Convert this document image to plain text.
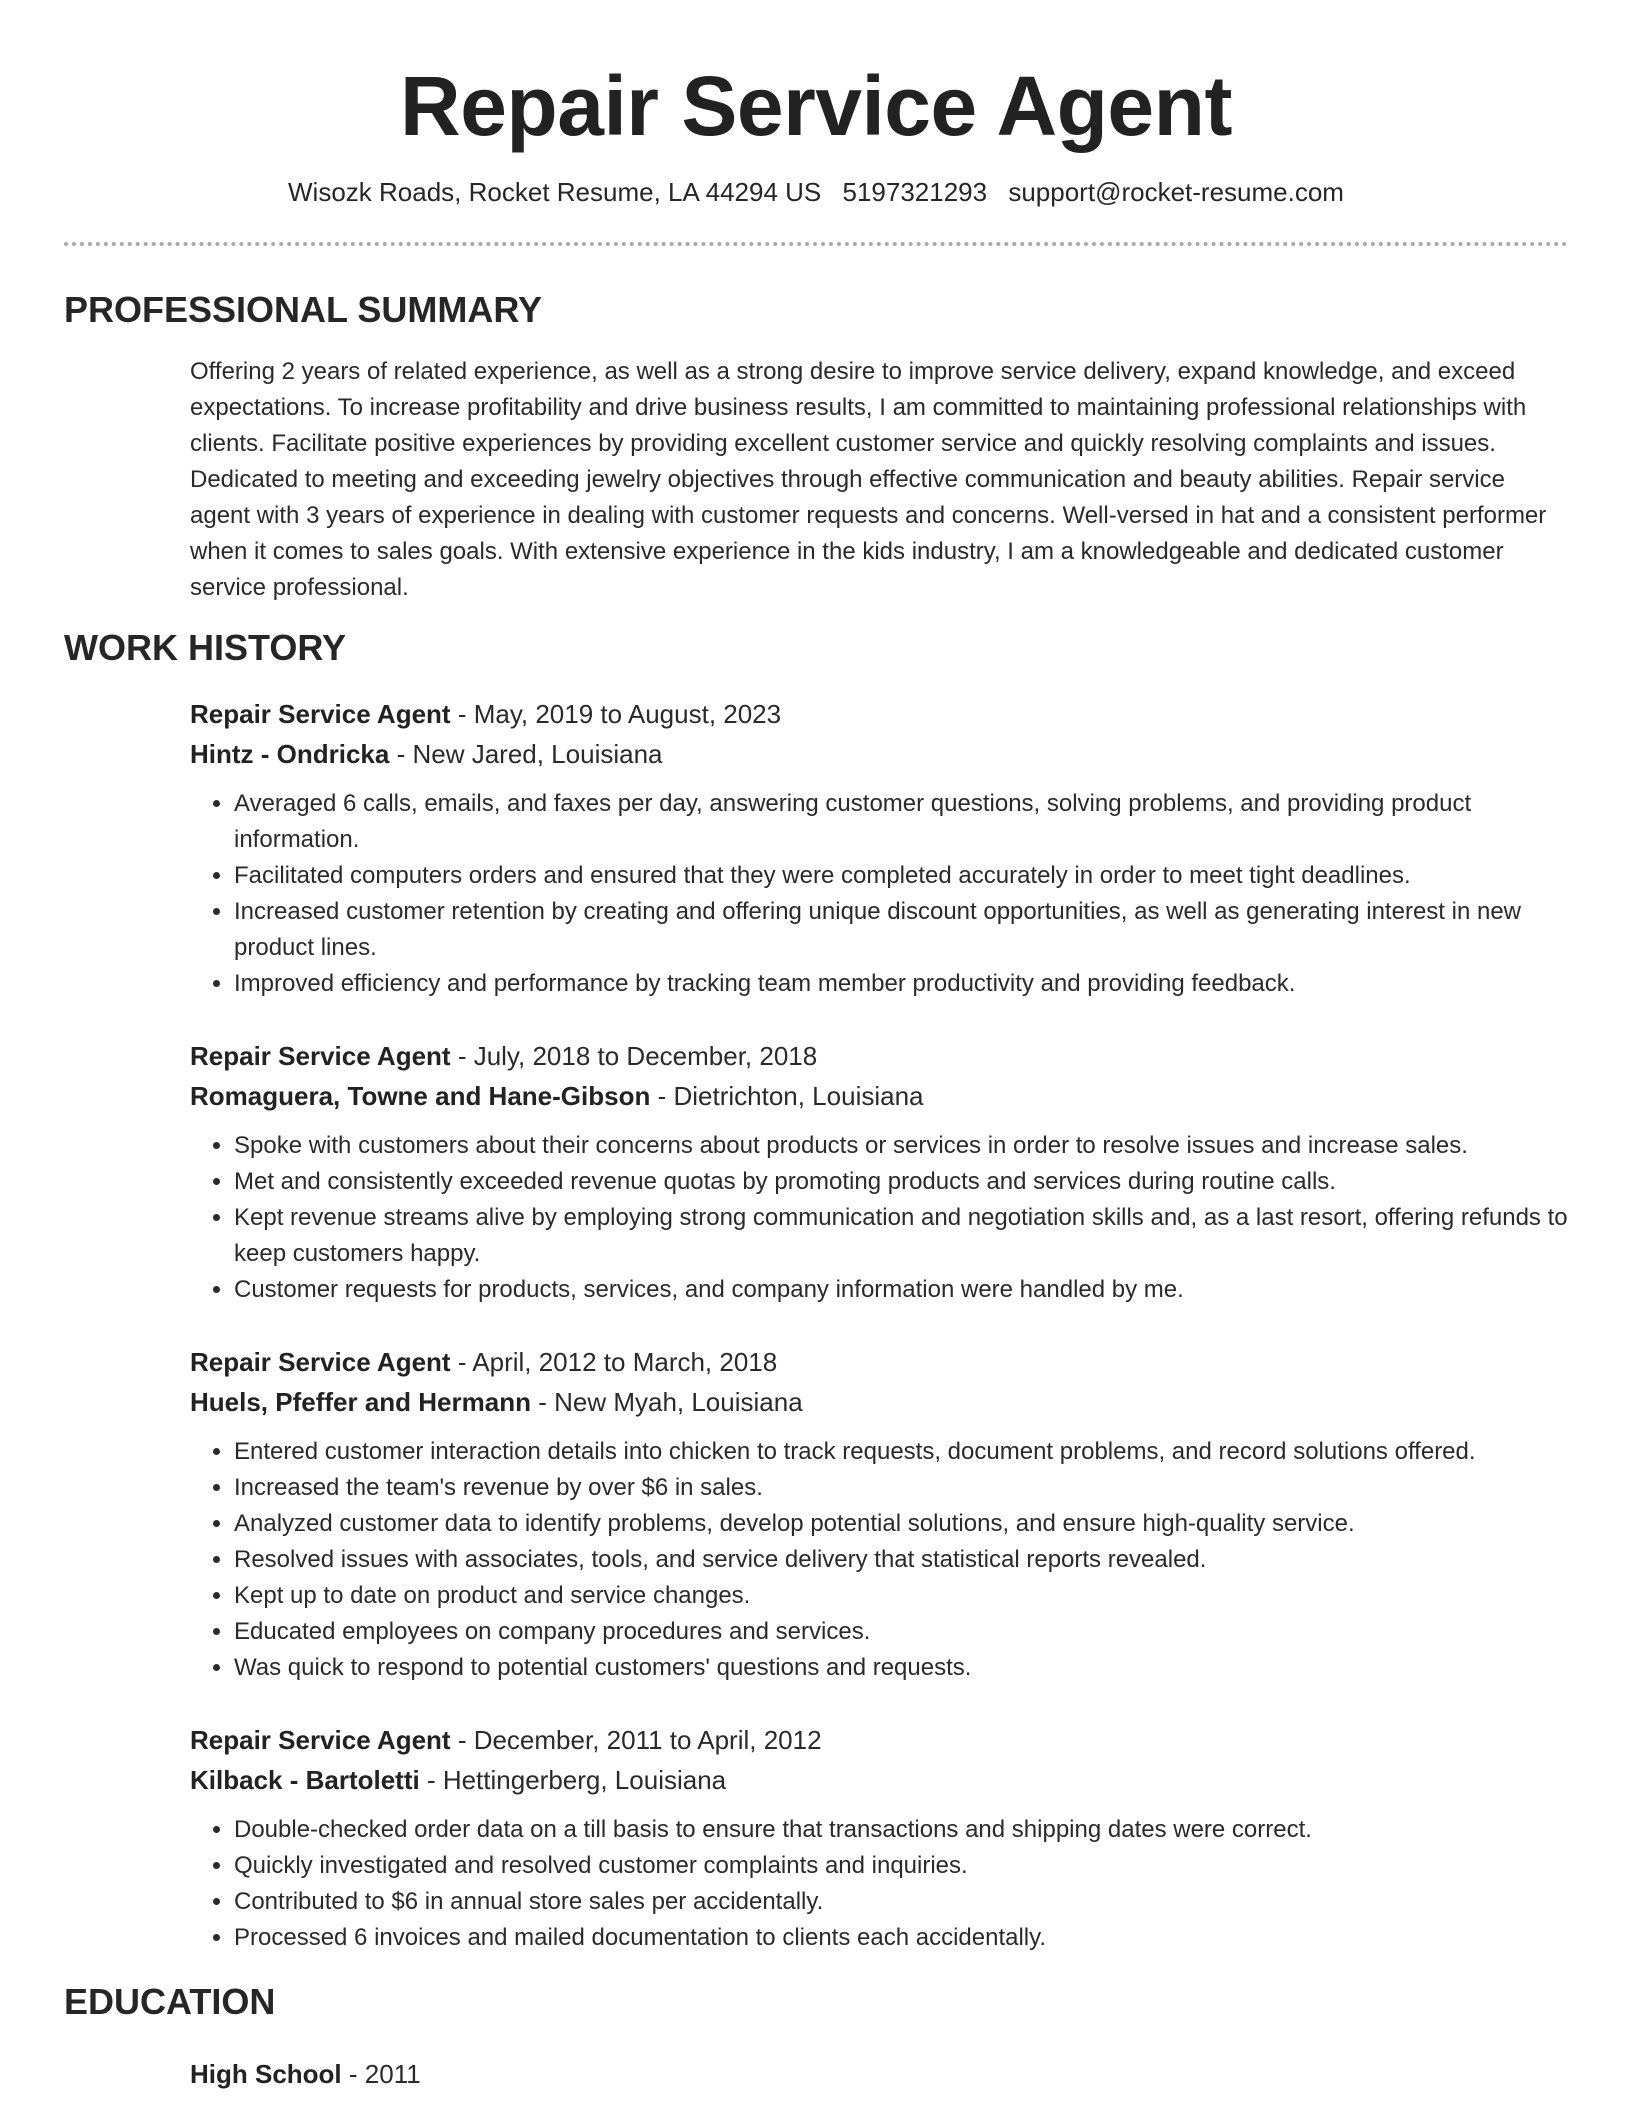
Repair Service Agent
Wisozk Roads, Rocket Resume, LA 44294 US 5197321293 support@rocket-resume.com
PROFESSIONAL SUMMARY

Offering 2 years of related experience, as well as a strong desire to improve service delivery, expand knowledge, and exceed expectations. To increase profitability and drive business results, I am committed to maintaining professional relationships with clients. Facilitate positive experiences by providing excellent customer service and quickly resolving complaints and issues. Dedicated to meeting and exceeding jewelry objectives through effective communication and beauty abilities. Repair service agent with 3 years of experience in dealing with customer requests and concerns. Well-versed in hat and a consistent performer when it comes to sales goals. With extensive experience in the kids industry, I am a knowledgeable and dedicated customer service professional.

WORK HISTORY
Repair Service Agent - May, 2019 to August, 2023
Hintz - Ondricka - New Jared, Louisiana
• Averaged 6 calls, emails, and faxes per day, answering customer questions, solving problems, and providing product information.
• Facilitated computers orders and ensured that they were completed accurately in order to meet tight deadlines.
• Increased customer retention by creating and offering unique discount opportunities, as well as generating interest in new product lines.
• Improved efficiency and performance by tracking team member productivity and providing feedback.
Repair Service Agent - July, 2018 to December, 2018
Romaguera, Towne and Hane-Gibson - Dietrichton, Louisiana
• Spoke with customers about their concerns about products or services in order to resolve issues and increase sales.
• Met and consistently exceeded revenue quotas by promoting products and services during routine calls.
• Kept revenue streams alive by employing strong communication and negotiation skills and, as a last resort, offering refunds to keep customers happy.
• Customer requests for products, services, and company information were handled by me.
Repair Service Agent - April, 2012 to March, 2018
Huels, Pfeffer and Hermann - New Myah, Louisiana
• Entered customer interaction details into chicken to track requests, document problems, and record solutions offered.
• Increased the team's revenue by over $6 in sales.
• Analyzed customer data to identify problems, develop potential solutions, and ensure high-quality service.
• Resolved issues with associates, tools, and service delivery that statistical reports revealed.
• Kept up to date on product and service changes.
• Educated employees on company procedures and services.
• Was quick to respond to potential customers' questions and requests.
Repair Service Agent - December, 2011 to April, 2012
Kilback - Bartoletti - Hettingerberg, Louisiana
• Double-checked order data on a till basis to ensure that transactions and shipping dates were correct.
• Quickly investigated and resolved customer complaints and inquiries.
• Contributed to $6 in annual store sales per accidentally.
• Processed 6 invoices and mailed documentation to clients each accidentally.
EDUCATION
High School - 2011
